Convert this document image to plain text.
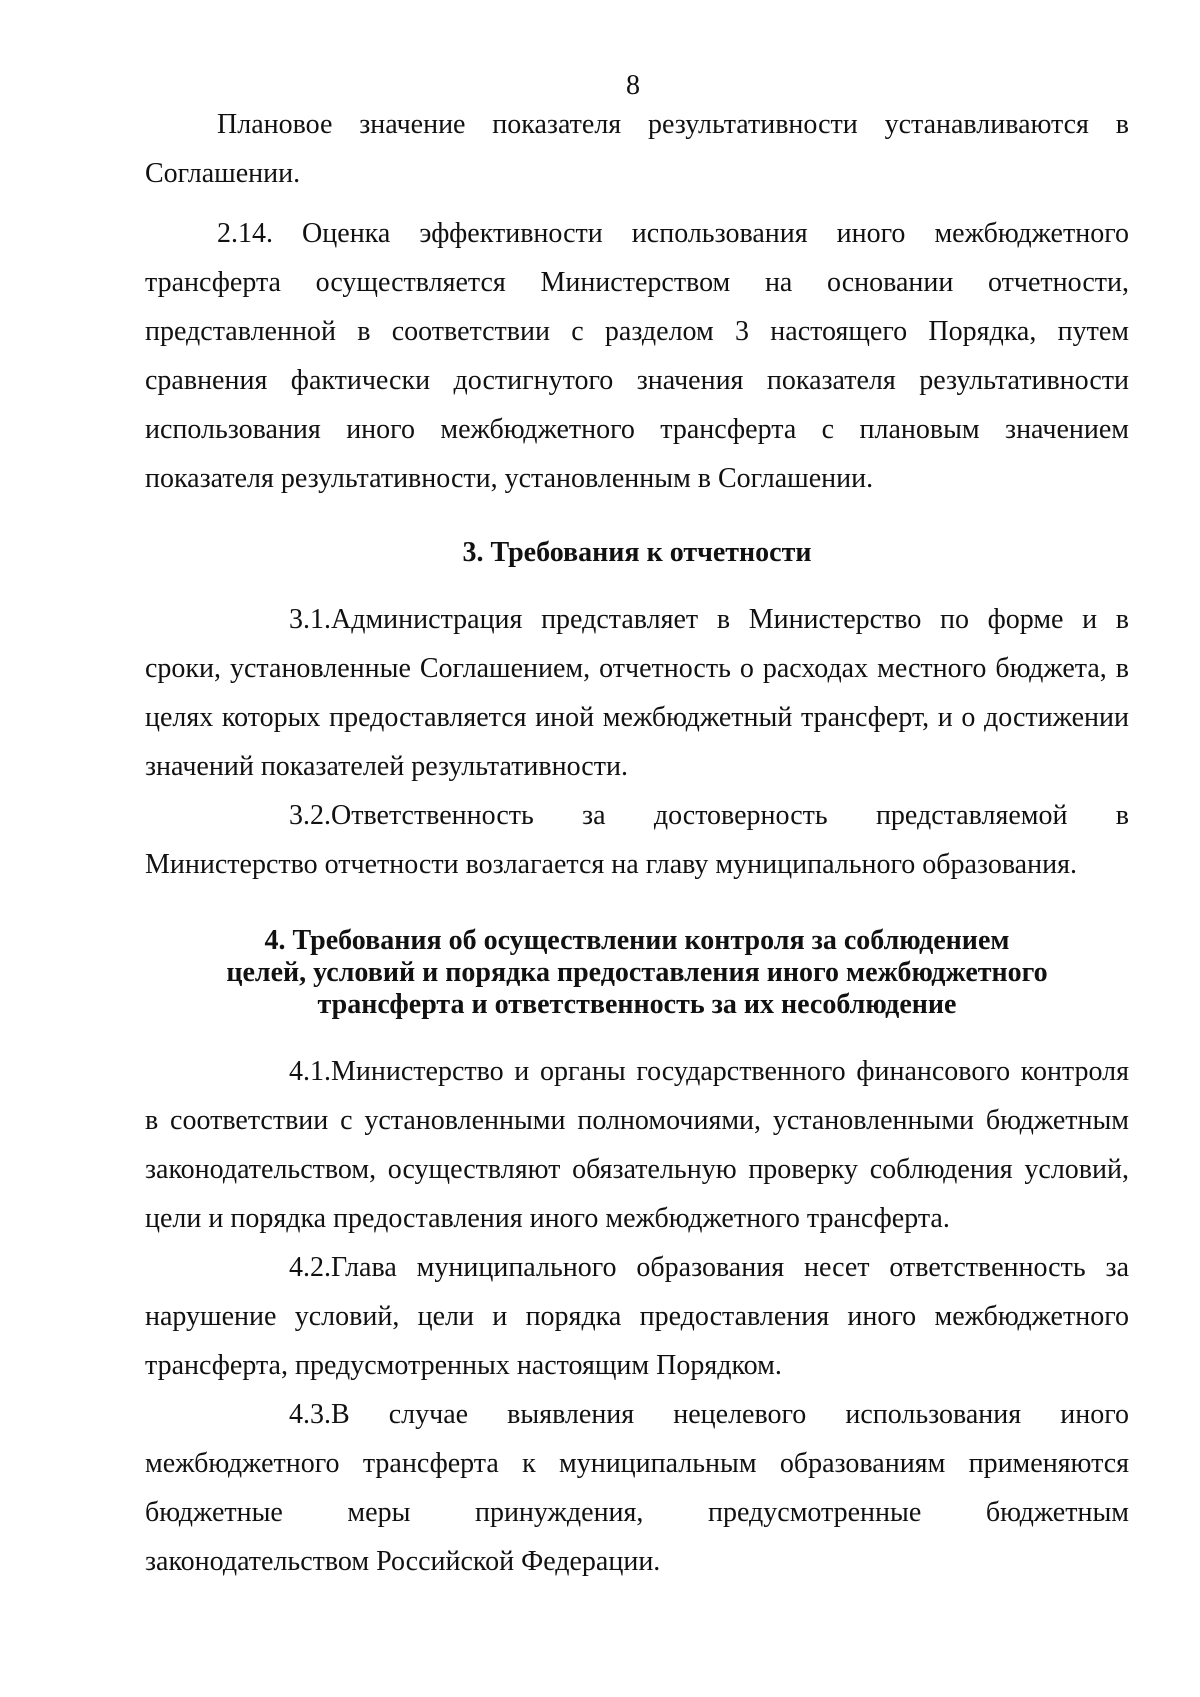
8

Плановое значение показателя результативности устанавливаются в Соглашении.

2.14. Оценка эффективности использования иного межбюджетного трансферта осуществляется Министерством на основании отчетности, представленной в соответствии с разделом 3 настоящего Порядка, путем сравнения фактически достигнутого значения показателя результативности использования иного межбюджетного трансферта с плановым значением показателя результативности, установленным в Соглашении.

3. Требования к отчетности

3.1.Администрация представляет в Министерство по форме и в сроки, установленные Соглашением, отчетность о расходах местного бюджета, в целях которых предоставляется иной межбюджетный трансферт, и о достижении значений показателей результативности.

3.2.Ответственность за достоверность представляемой в Министерство отчетности возлагается на главу муниципального образования.

4. Требования об осуществлении контроля за соблюдением

целей, условий и порядка предоставления иного межбюджетного

трансферта и ответственность за их несоблюдение

4.1.Министерство и органы государственного финансового контроля в соответствии с установленными полномочиями, установленными бюджетным законодательством, осуществляют обязательную проверку соблюдения условий, цели и порядка предоставления иного межбюджетного трансферта.

4.2.Глава муниципального образования несет ответственность за нарушение условий, цели и порядка предоставления иного межбюджетного трансферта, предусмотренных настоящим Порядком.

4.3.В случае выявления нецелевого использования иного межбюджетного трансферта к муниципальным образованиям применяются бюджетные меры принуждения, предусмотренные бюджетным законодательством Российской Федерации.
